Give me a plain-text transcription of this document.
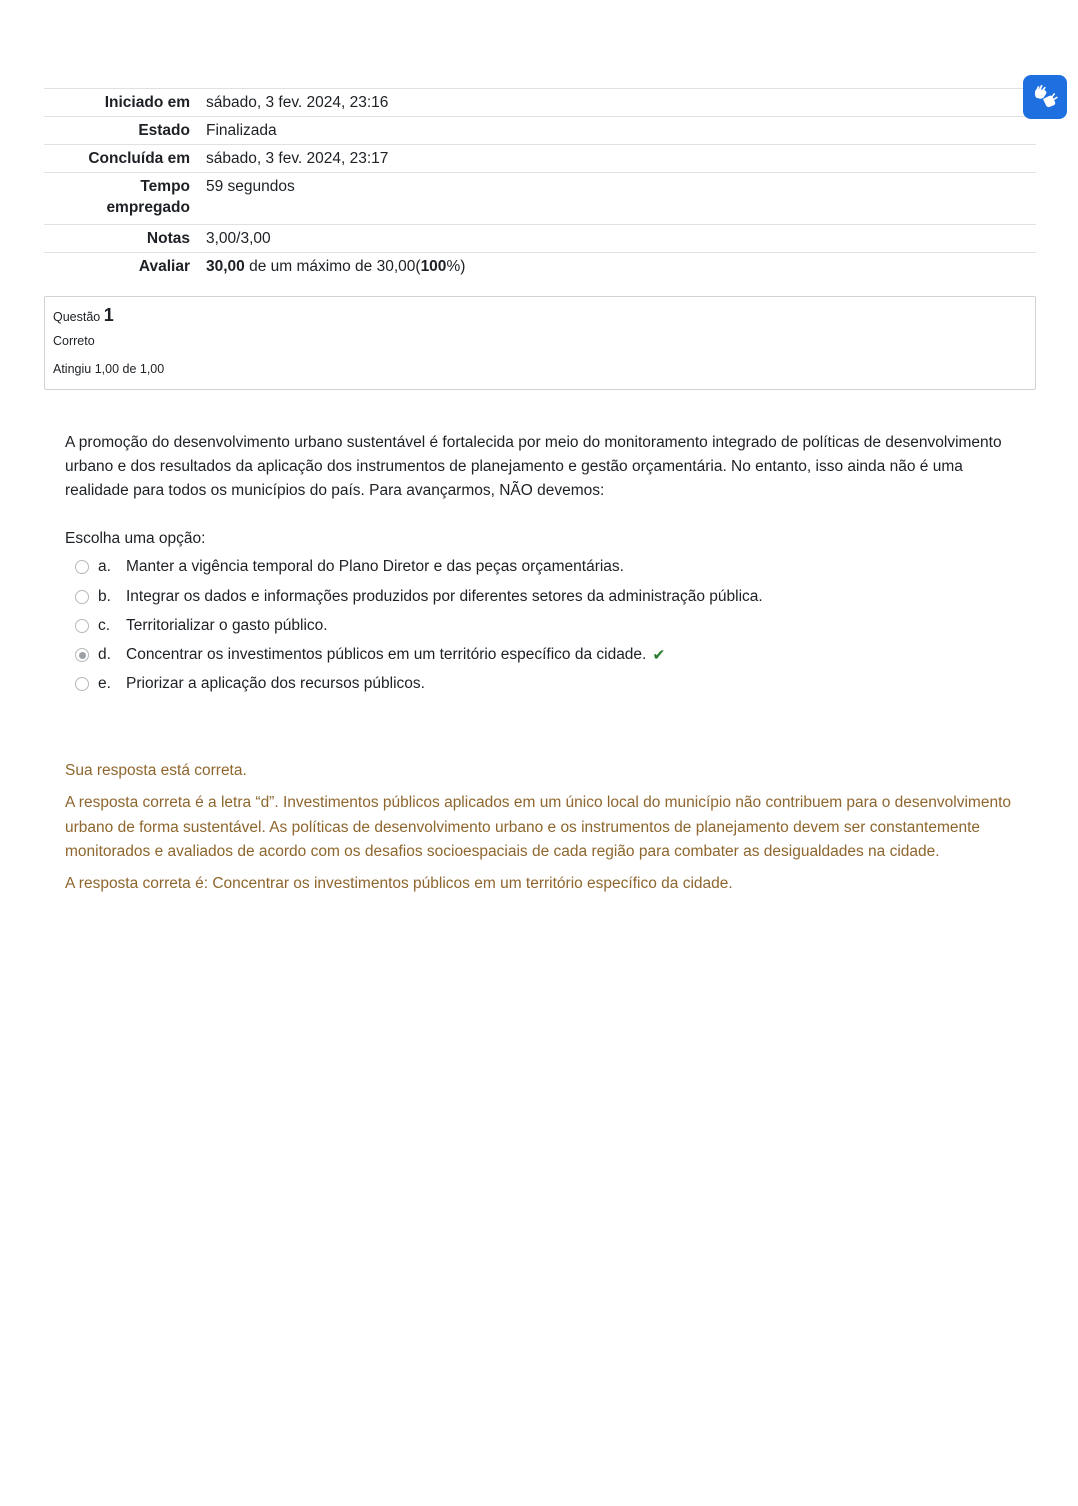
Iniciado em	sábado, 3 fev. 2024, 23:16
Estado	Finalizada
Concluída em	sábado, 3 fev. 2024, 23:17
Tempo
empregado	59 segundos
Notas	3,00/3,00
Avaliar	30,00 de um máximo de 30,00(100%)
Questão 1
Correto
Atingiu 1,00 de 1,00

A promoção do desenvolvimento urbano sustentável é fortalecida por meio do monitoramento integrado de políticas de desenvolvimento urbano e dos resultados da aplicação dos instrumentos de planejamento e gestão orçamentária. No entanto, isso ainda não é uma realidade para todos os municípios do país. Para avançarmos, NÃO devemos:

Escolha uma opção:

a. Manter a vigência temporal do Plano Diretor e das peças orçamentárias.
b. Integrar os dados e informações produzidos por diferentes setores da administração pública.
c.	Territorializar o gasto público.
d. Concentrar os investimentos públicos em um território específico da cidade. ✔
e. Priorizar a aplicação dos recursos públicos.

Sua resposta está correta.

A resposta correta é a letra “d”. Investimentos públicos aplicados em um único local do município não contribuem para o desenvolvimento urbano de forma sustentável. As políticas de desenvolvimento urbano e os instrumentos de planejamento devem ser constantemente monitorados e avaliados de acordo com os desafios socioespaciais de cada região para combater as desigualdades na cidade.

A resposta correta é: Concentrar os investimentos públicos em um território específico da cidade.
